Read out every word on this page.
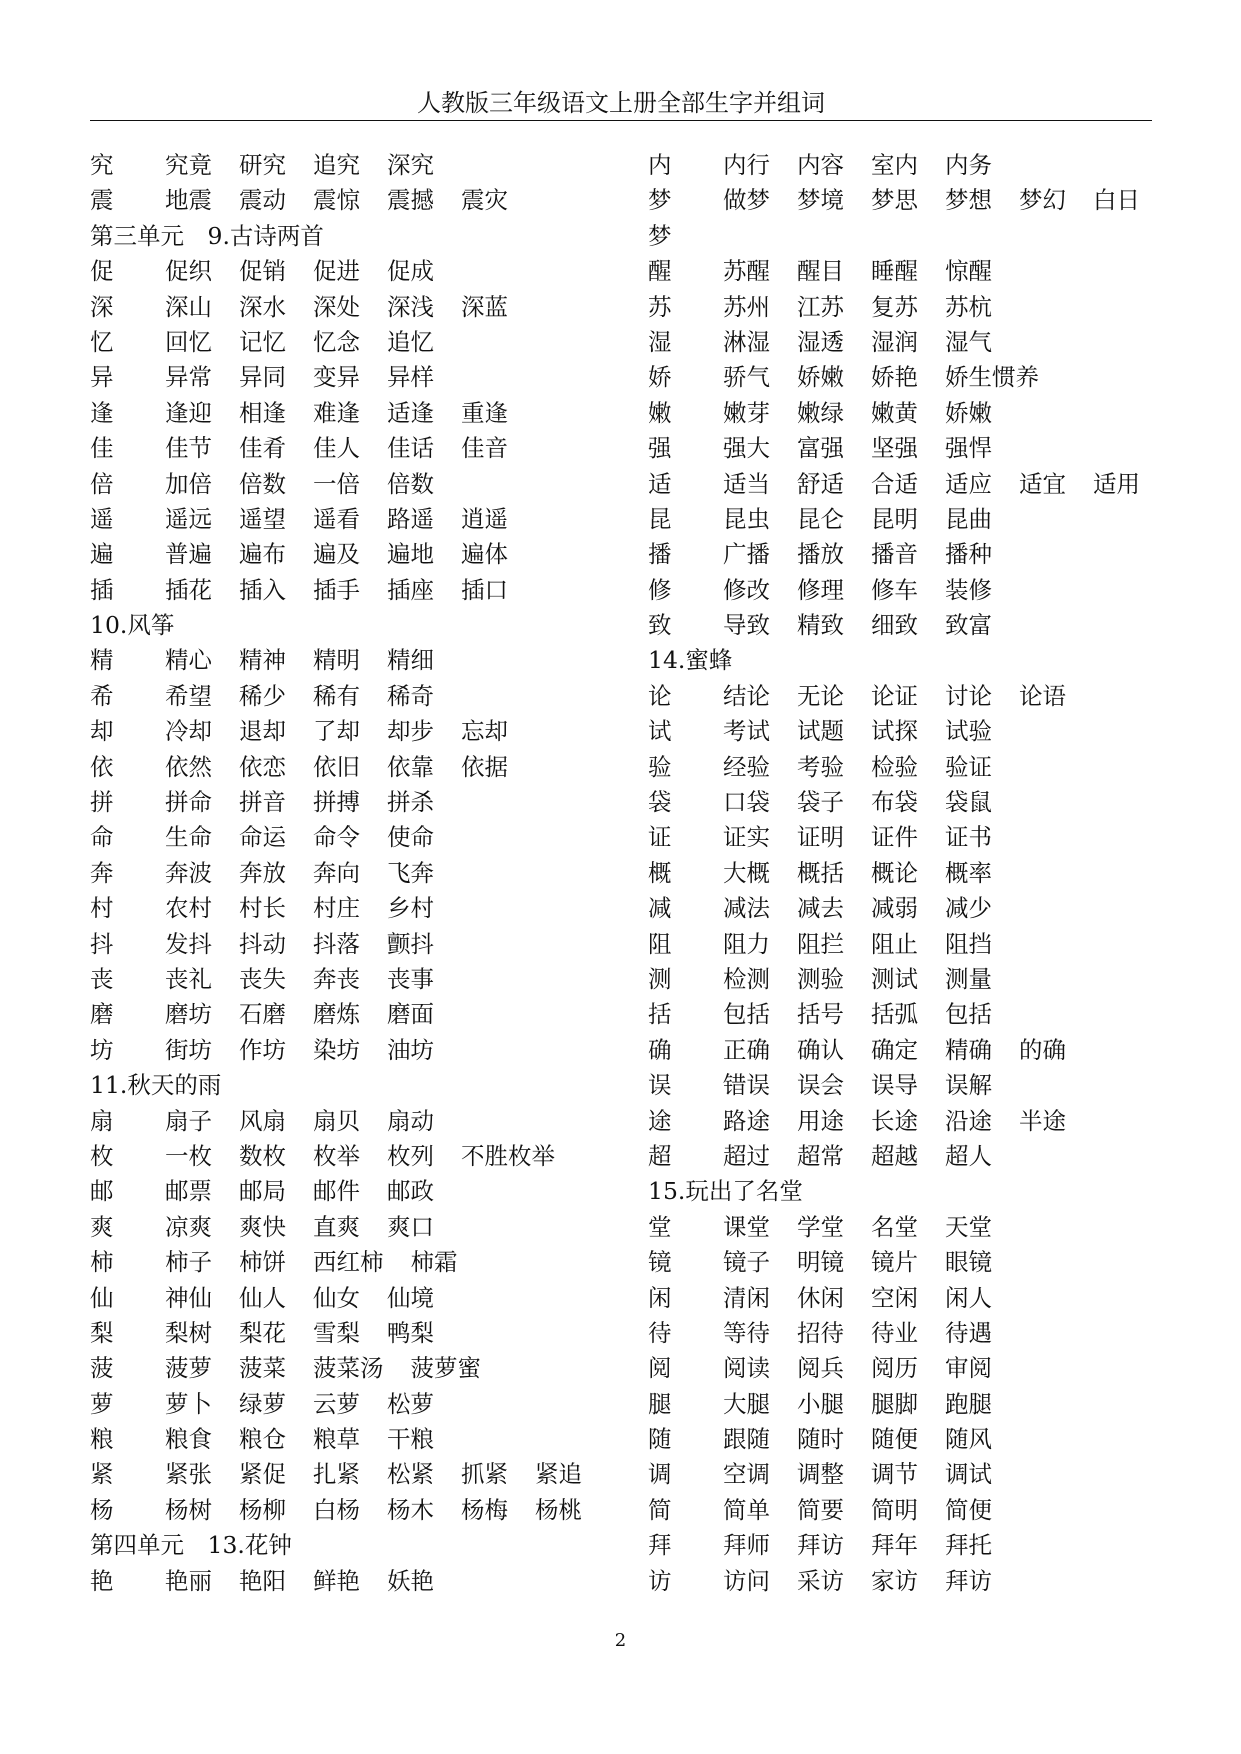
人教版三年级语文上册全部生字并组词
究 究竟 研究 追究 深究
震 地震 震动 震惊 震撼 震灾
第三单元　9.古诗两首
促 促织 促销 促进 促成
深 深山 深水 深处 深浅 深蓝
忆 回忆 记忆 忆念 追忆
异 异常 异同 变异 异样
逢 逢迎 相逢 难逢 适逢 重逢
佳 佳节 佳肴 佳人 佳话 佳音
倍 加倍 倍数 一倍 倍数
遥 遥远 遥望 遥看 路遥 逍遥
遍 普遍 遍布 遍及 遍地 遍体
插 插花 插入 插手 插座 插口
10.风筝
精 精心 精神 精明 精细
希 希望 稀少 稀有 稀奇
却 冷却 退却 了却 却步 忘却
依 依然 依恋 依旧 依靠 依据
拼 拼命 拼音 拼搏 拼杀
命 生命 命运 命令 使命
奔 奔波 奔放 奔向 飞奔
村 农村 村长 村庄 乡村
抖 发抖 抖动 抖落 颤抖
丧 丧礼 丧失 奔丧 丧事
磨 磨坊 石磨 磨炼 磨面
坊 街坊 作坊 染坊 油坊
11.秋天的雨
扇 扇子 风扇 扇贝 扇动
枚 一枚 数枚 枚举 枚列 不胜枚举
邮 邮票 邮局 邮件 邮政
爽 凉爽 爽快 直爽 爽口
柿 柿子 柿饼 西红柿 柿霜
仙 神仙 仙人 仙女 仙境
梨 梨树 梨花 雪梨 鸭梨
菠 菠萝 菠菜 菠菜汤 菠萝蜜
萝 萝卜 绿萝 云萝 松萝
粮 粮食 粮仓 粮草 干粮
紧 紧张 紧促 扎紧 松紧 抓紧 紧追
杨 杨树 杨柳 白杨 杨木 杨梅 杨桃
第四单元　13.花钟
艳 艳丽 艳阳 鲜艳 妖艳
内 内行 内容 室内 内务
梦 做梦 梦境 梦思 梦想 梦幻 白日
梦
醒 苏醒 醒目 睡醒 惊醒
苏 苏州 江苏 复苏 苏杭
湿 淋湿 湿透 湿润 湿气
娇 骄气 娇嫩 娇艳 娇生惯养
嫩 嫩芽 嫩绿 嫩黄 娇嫩
强 强大 富强 坚强 强悍
适 适当 舒适 合适 适应 适宜 适用
昆 昆虫 昆仑 昆明 昆曲
播 广播 播放 播音 播种
修 修改 修理 修车 装修
致 导致 精致 细致 致富
14.蜜蜂
论 结论 无论 论证 讨论 论语
试 考试 试题 试探 试验
验 经验 考验 检验 验证
袋 口袋 袋子 布袋 袋鼠
证 证实 证明 证件 证书
概 大概 概括 概论 概率
减 减法 减去 减弱 减少
阻 阻力 阻拦 阻止 阻挡
测 检测 测验 测试 测量
括 包括 括号 括弧 包括
确 正确 确认 确定 精确 的确
误 错误 误会 误导 误解
途 路途 用途 长途 沿途 半途
超 超过 超常 超越 超人
15.玩出了名堂
堂 课堂 学堂 名堂 天堂
镜 镜子 明镜 镜片 眼镜
闲 清闲 休闲 空闲 闲人
待 等待 招待 待业 待遇
阅 阅读 阅兵 阅历 审阅
腿 大腿 小腿 腿脚 跑腿
随 跟随 随时 随便 随风
调 空调 调整 调节 调试
简 简单 简要 简明 简便
拜 拜师 拜访 拜年 拜托
访 访问 采访 家访 拜访
2
